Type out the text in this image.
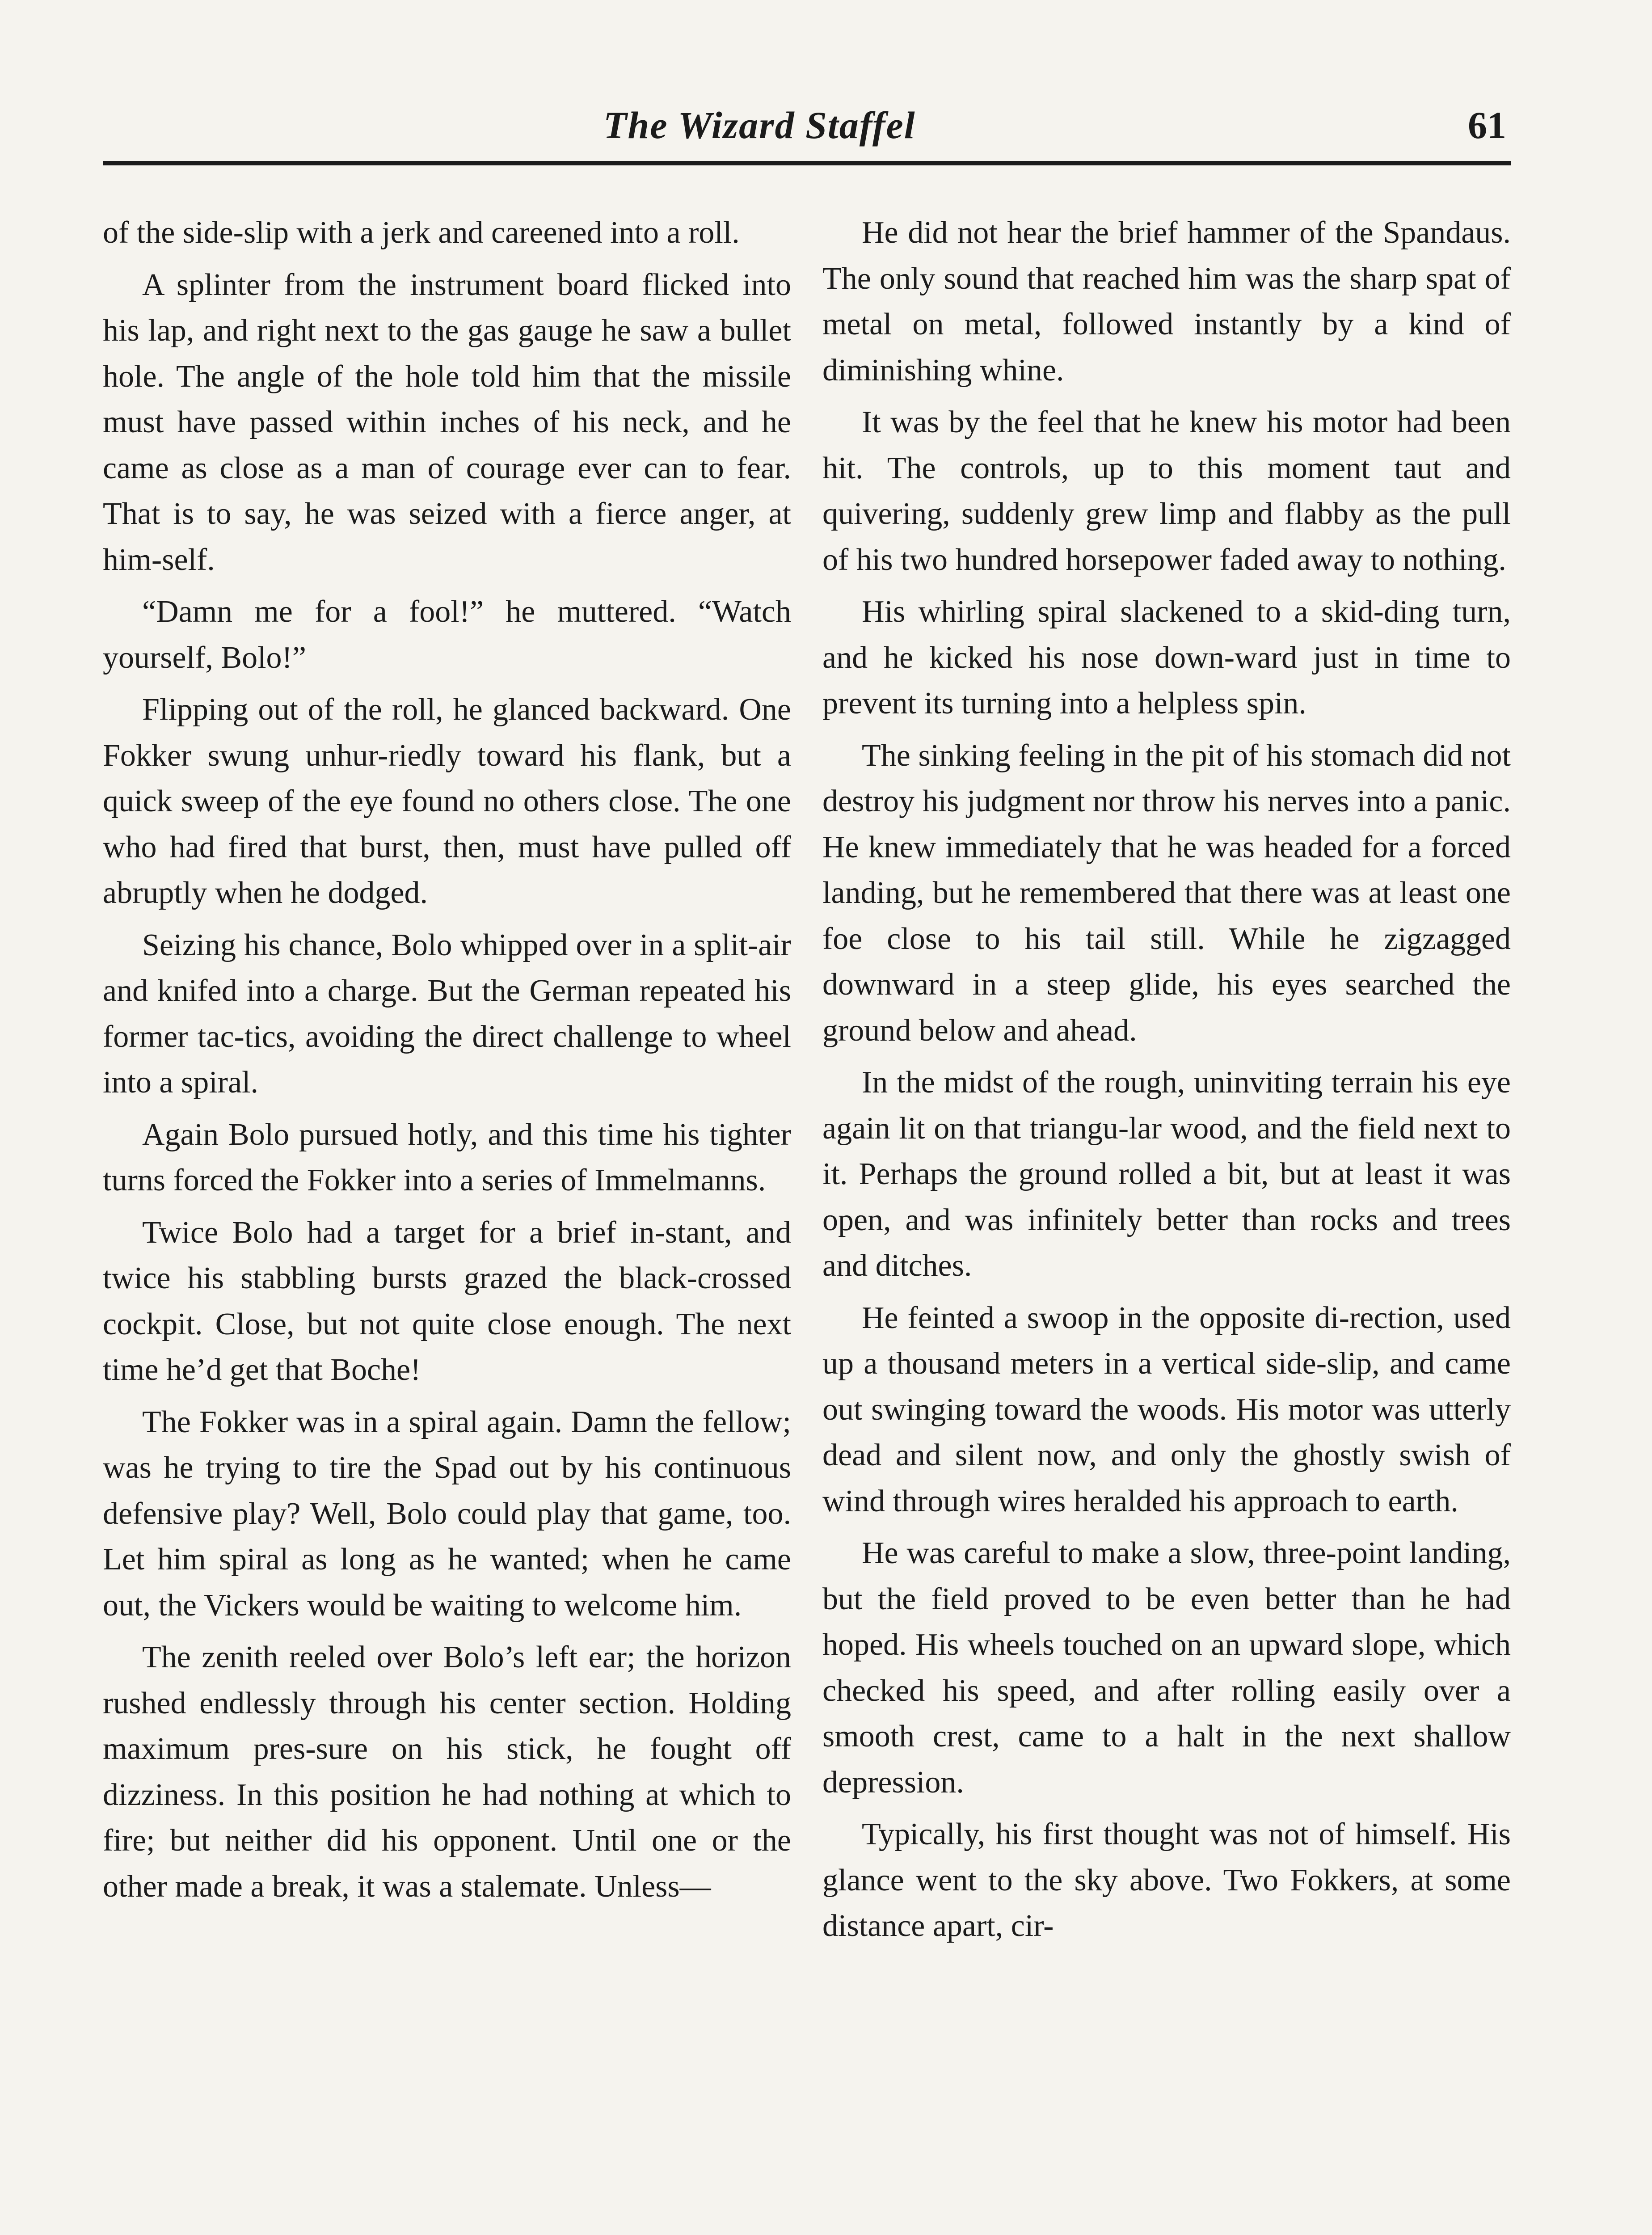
The Wizard Staffel	61

of the side-slip with a jerk and careened into a roll.

A splinter from the instrument board flicked into his lap, and right next to the gas gauge he saw a bullet hole. The angle of the hole told him that the missile must have passed within inches of his neck, and he came as close as a man of courage ever can to fear. That is to say, he was seized with a fierce anger, at him-self.

“Damn me for a fool!” he muttered. “Watch yourself, Bolo!”

Flipping out of the roll, he glanced backward. One Fokker swung unhur-riedly toward his flank, but a quick sweep of the eye found no others close. The one who had fired that burst, then, must have pulled off abruptly when he dodged.

Seizing his chance, Bolo whipped over in a split-air and knifed into a charge. But the German repeated his former tac-tics, avoiding the direct challenge to wheel into a spiral.

Again Bolo pursued hotly, and this time his tighter turns forced the Fokker into a series of Immelmanns.

Twice Bolo had a target for a brief in-stant, and twice his stabbling bursts grazed the black-crossed cockpit. Close, but not quite close enough. The next time he’d get that Boche!

The Fokker was in a spiral again. Damn the fellow; was he trying to tire the Spad out by his continuous defensive play? Well, Bolo could play that game, too. Let him spiral as long as he wanted; when he came out, the Vickers would be waiting to welcome him.

The zenith reeled over Bolo’s left ear; the horizon rushed endlessly through his center section. Holding maximum pres-sure on his stick, he fought off dizziness. In this position he had nothing at which to fire; but neither did his opponent. Until one or the other made a break, it was a stalemate. Unless—

He did not hear the brief hammer of the Spandaus. The only sound that reached him was the sharp spat of metal on metal, followed instantly by a kind of diminishing whine.

It was by the feel that he knew his motor had been hit. The controls, up to this moment taut and quivering, suddenly grew limp and flabby as the pull of his two hundred horsepower faded away to nothing.

His whirling spiral slackened to a skid-ding turn, and he kicked his nose down-ward just in time to prevent its turning into a helpless spin.

The sinking feeling in the pit of his stomach did not destroy his judgment nor throw his nerves into a panic. He knew immediately that he was headed for a forced landing, but he remembered that there was at least one foe close to his tail still. While he zigzagged downward in a steep glide, his eyes searched the ground below and ahead.

In the midst of the rough, uninviting terrain his eye again lit on that triangu-lar wood, and the field next to it. Perhaps the ground rolled a bit, but at least it was open, and was infinitely better than rocks and trees and ditches.

He feinted a swoop in the opposite di-rection, used up a thousand meters in a vertical side-slip, and came out swinging toward the woods. His motor was utterly dead and silent now, and only the ghostly swish of wind through wires heralded his approach to earth.

He was careful to make a slow, three-point landing, but the field proved to be even better than he had hoped. His wheels touched on an upward slope, which checked his speed, and after rolling easily over a smooth crest, came to a halt in the next shallow depression.

Typically, his first thought was not of himself. His glance went to the sky above. Two Fokkers, at some distance apart, cir-
